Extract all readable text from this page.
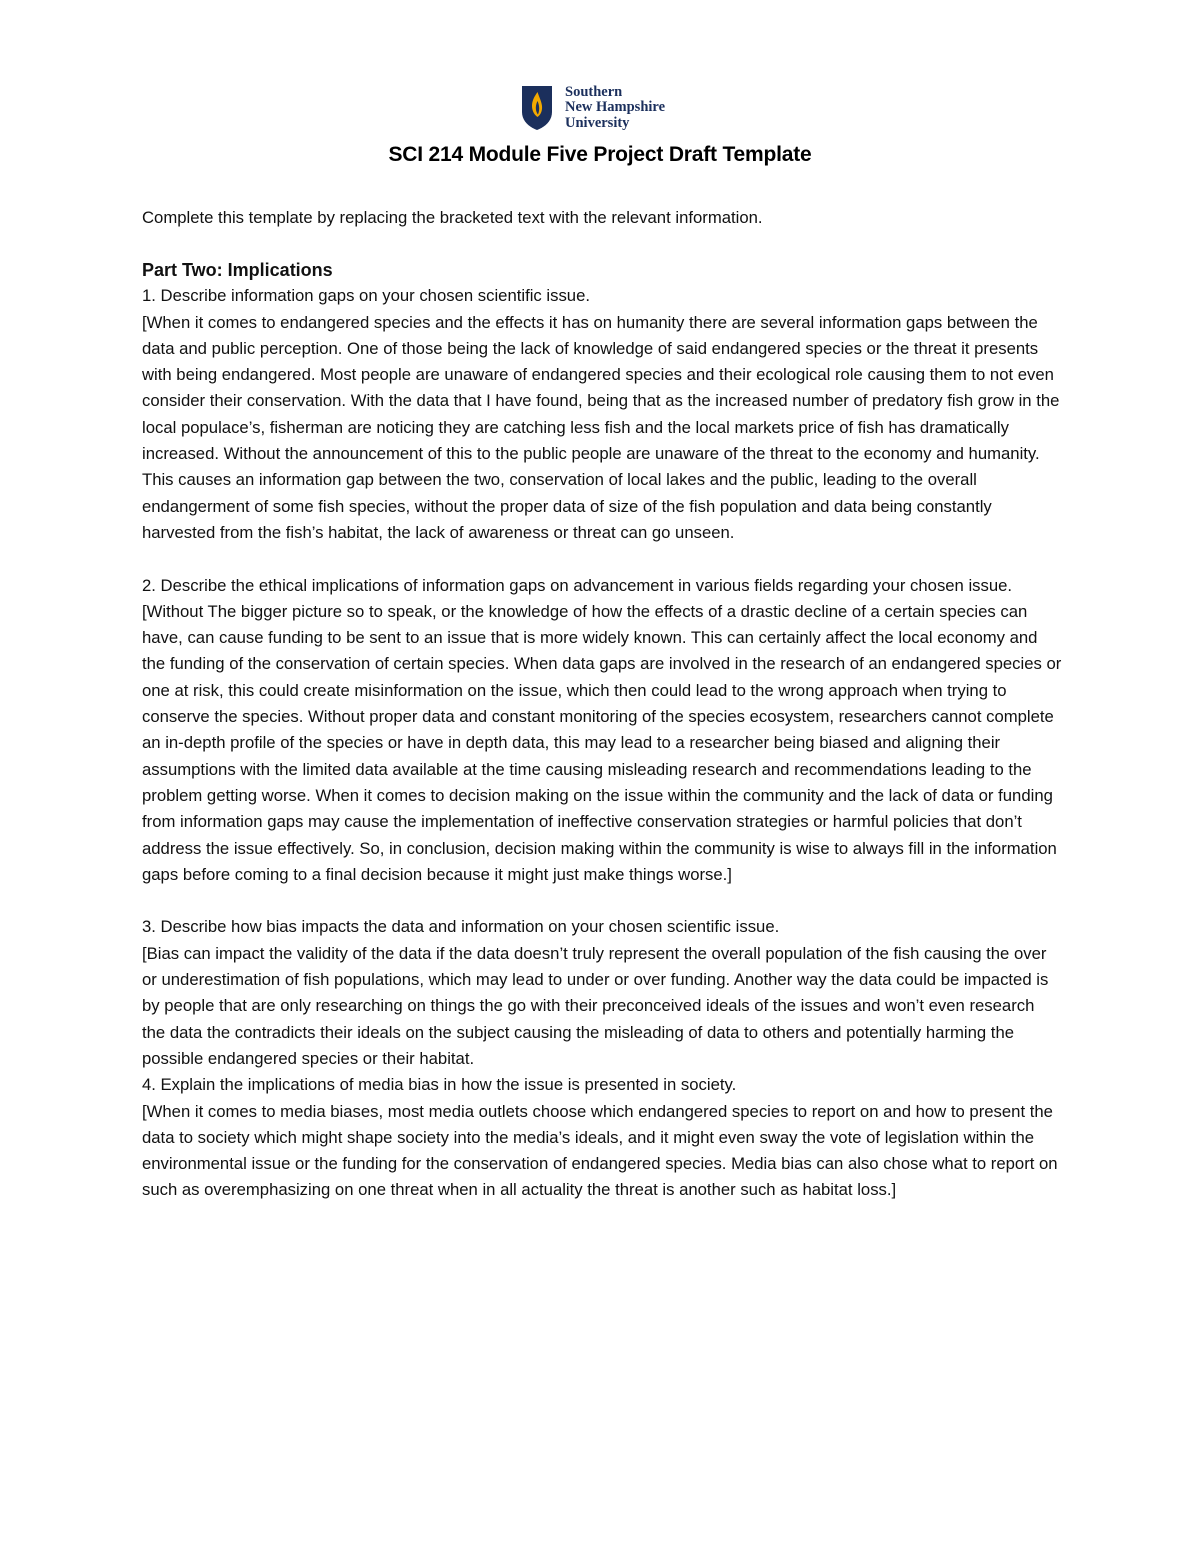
Southern
New Hampshire
University
SCI 214 Module Five Project Draft Template

Complete this template by replacing the bracketed text with the relevant information.

Part Two: Implications

1. Describe information gaps on your chosen scientific issue.

[When it comes to endangered species and the effects it has on humanity there are several information gaps between the data and public perception. One of those being the lack of knowledge of said endangered species or the threat it presents with being endangered. Most people are unaware of endangered species and their ecological role causing them to not even consider their conservation. With the data that I have found, being that as the increased number of predatory fish grow in the local populace’s, fisherman are noticing they are catching less fish and the local markets price of fish has dramatically increased. Without the announcement of this to the public people are unaware of the threat to the economy and humanity. This causes an information gap between the two, conservation of local lakes and the public, leading to the overall endangerment of some fish species, without the proper data of size of the fish population and data being constantly harvested from the fish’s habitat, the lack of awareness or threat can go unseen.

2. Describe the ethical implications of information gaps on advancement in various fields regarding your chosen issue.

[Without The bigger picture so to speak, or the knowledge of how the effects of a drastic decline of a certain species can have, can cause funding to be sent to an issue that is more widely known. This can certainly affect the local economy and the funding of the conservation of certain species. When data gaps are involved in the research of an endangered species or one at risk, this could create misinformation on the issue, which then could lead to the wrong approach when trying to conserve the species. Without proper data and constant monitoring of the species ecosystem, researchers cannot complete an in-depth profile of the species or have in depth data, this may lead to a researcher being biased and aligning their assumptions with the limited data available at the time causing misleading research and recommendations leading to the problem getting worse. When it comes to decision making on the issue within the community and the lack of data or funding from information gaps may cause the implementation of ineffective conservation strategies or harmful policies that don’t address the issue effectively. So, in conclusion, decision making within the community is wise to always fill in the information gaps before coming to a final decision because it might just make things worse.]

3. Describe how bias impacts the data and information on your chosen scientific issue.

[Bias can impact the validity of the data if the data doesn’t truly represent the overall population of the fish causing the over or underestimation of fish populations, which may lead to under or over funding. Another way the data could be impacted is by people that are only researching on things the go with their preconceived ideals of the issues and won’t even research the data the contradicts their ideals on the subject causing the misleading of data to others and potentially harming the possible endangered species or their habitat.

4. Explain the implications of media bias in how the issue is presented in society.

[When it comes to media biases, most media outlets choose which endangered species to report on and how to present the data to society which might shape society into the media’s ideals, and it might even sway the vote of legislation within the environmental issue or the funding for the conservation of endangered species. Media bias can also chose what to report on such as overemphasizing on one threat when in all actuality the threat is another such as habitat loss.]
